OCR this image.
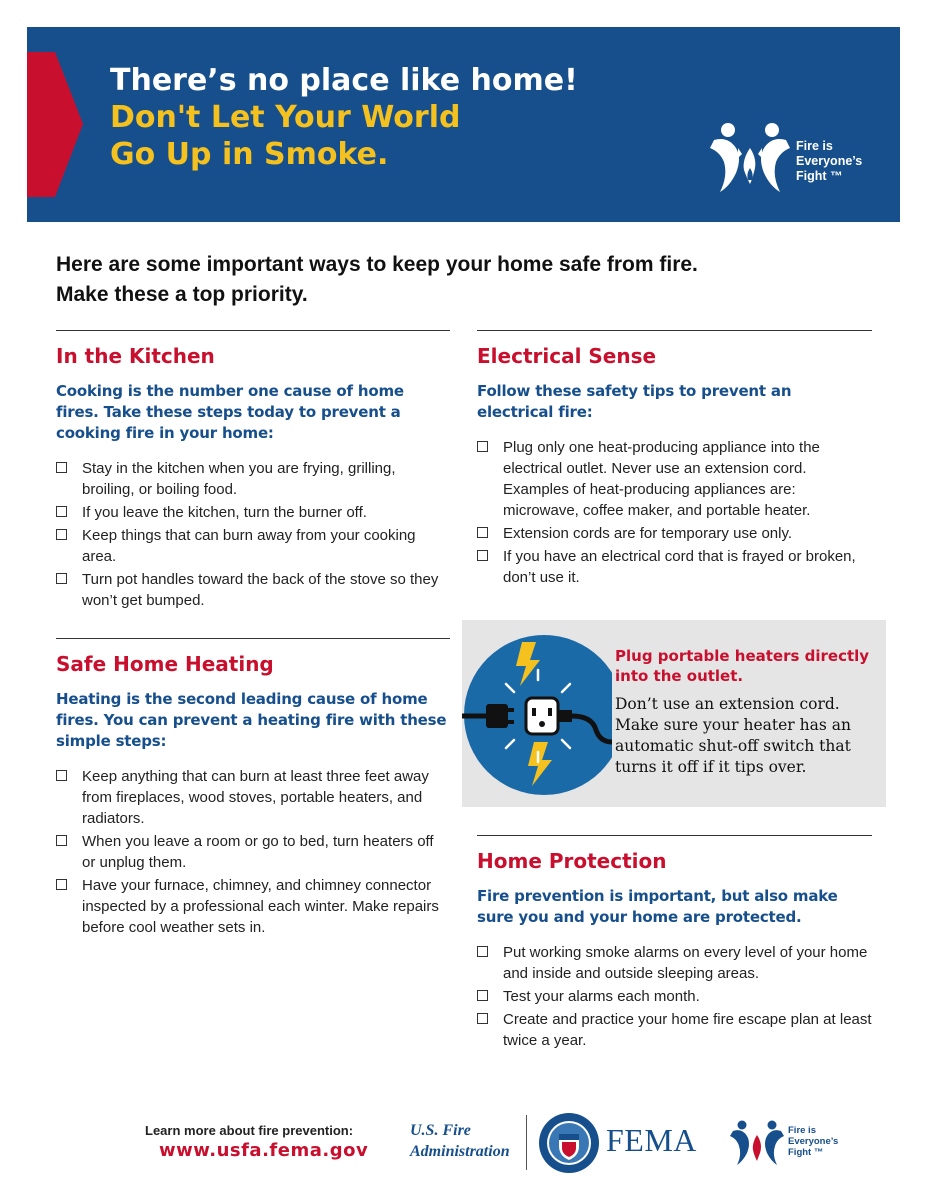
There’s no place like home!
Don't Let Your World
Go Up in Smoke.	Fire is
Everyone’s
Fight ™
Here are some important ways to keep your home safe from fire.
Make these a top priority.
In the Kitchen
Cooking is the number one cause of home fires. Take these steps today to prevent a cooking fire in your home:
Stay in the kitchen when you are frying, grilling, broiling, or boiling food.
If you leave the kitchen, turn the burner off.
Keep things that can burn away from your cooking area.
Turn pot handles toward the back of the stove so they won’t get bumped.
Safe Home Heating
Heating is the second leading cause of home fires. You can prevent a heating fire with these simple steps:
Keep anything that can burn at least three feet away from fireplaces, wood stoves, portable heaters, and radiators.
When you leave a room or go to bed, turn heaters off or unplug them.
Have your furnace, chimney, and chimney connector inspected by a professional each winter. Make repairs before cool weather sets in.
Electrical Sense
Follow these safety tips to prevent an electrical fire:
Plug only one heat-producing appliance into the electrical outlet. Never use an extension cord. Examples of heat-producing appliances are: microwave, coffee maker, and portable heater.
Extension cords are for temporary use only.
If you have an electrical cord that is frayed or broken, don’t use it.
Plug portable heaters directly into the outlet.
Don’t use an extension cord. Make sure your heater has an automatic shut-off switch that turns it off if it tips over.
Home Protection
Fire prevention is important, but also make sure you and your home are protected.
Put working smoke alarms on every level of your home and inside and outside sleeping areas.
Test your alarms each month.
Create and practice your home fire escape plan at least twice a year.
Learn more about fire prevention:
www.usfa.fema.gov
U.S. Fire
Administration	FEMA	Fire is
Everyone’s
Fight ™
